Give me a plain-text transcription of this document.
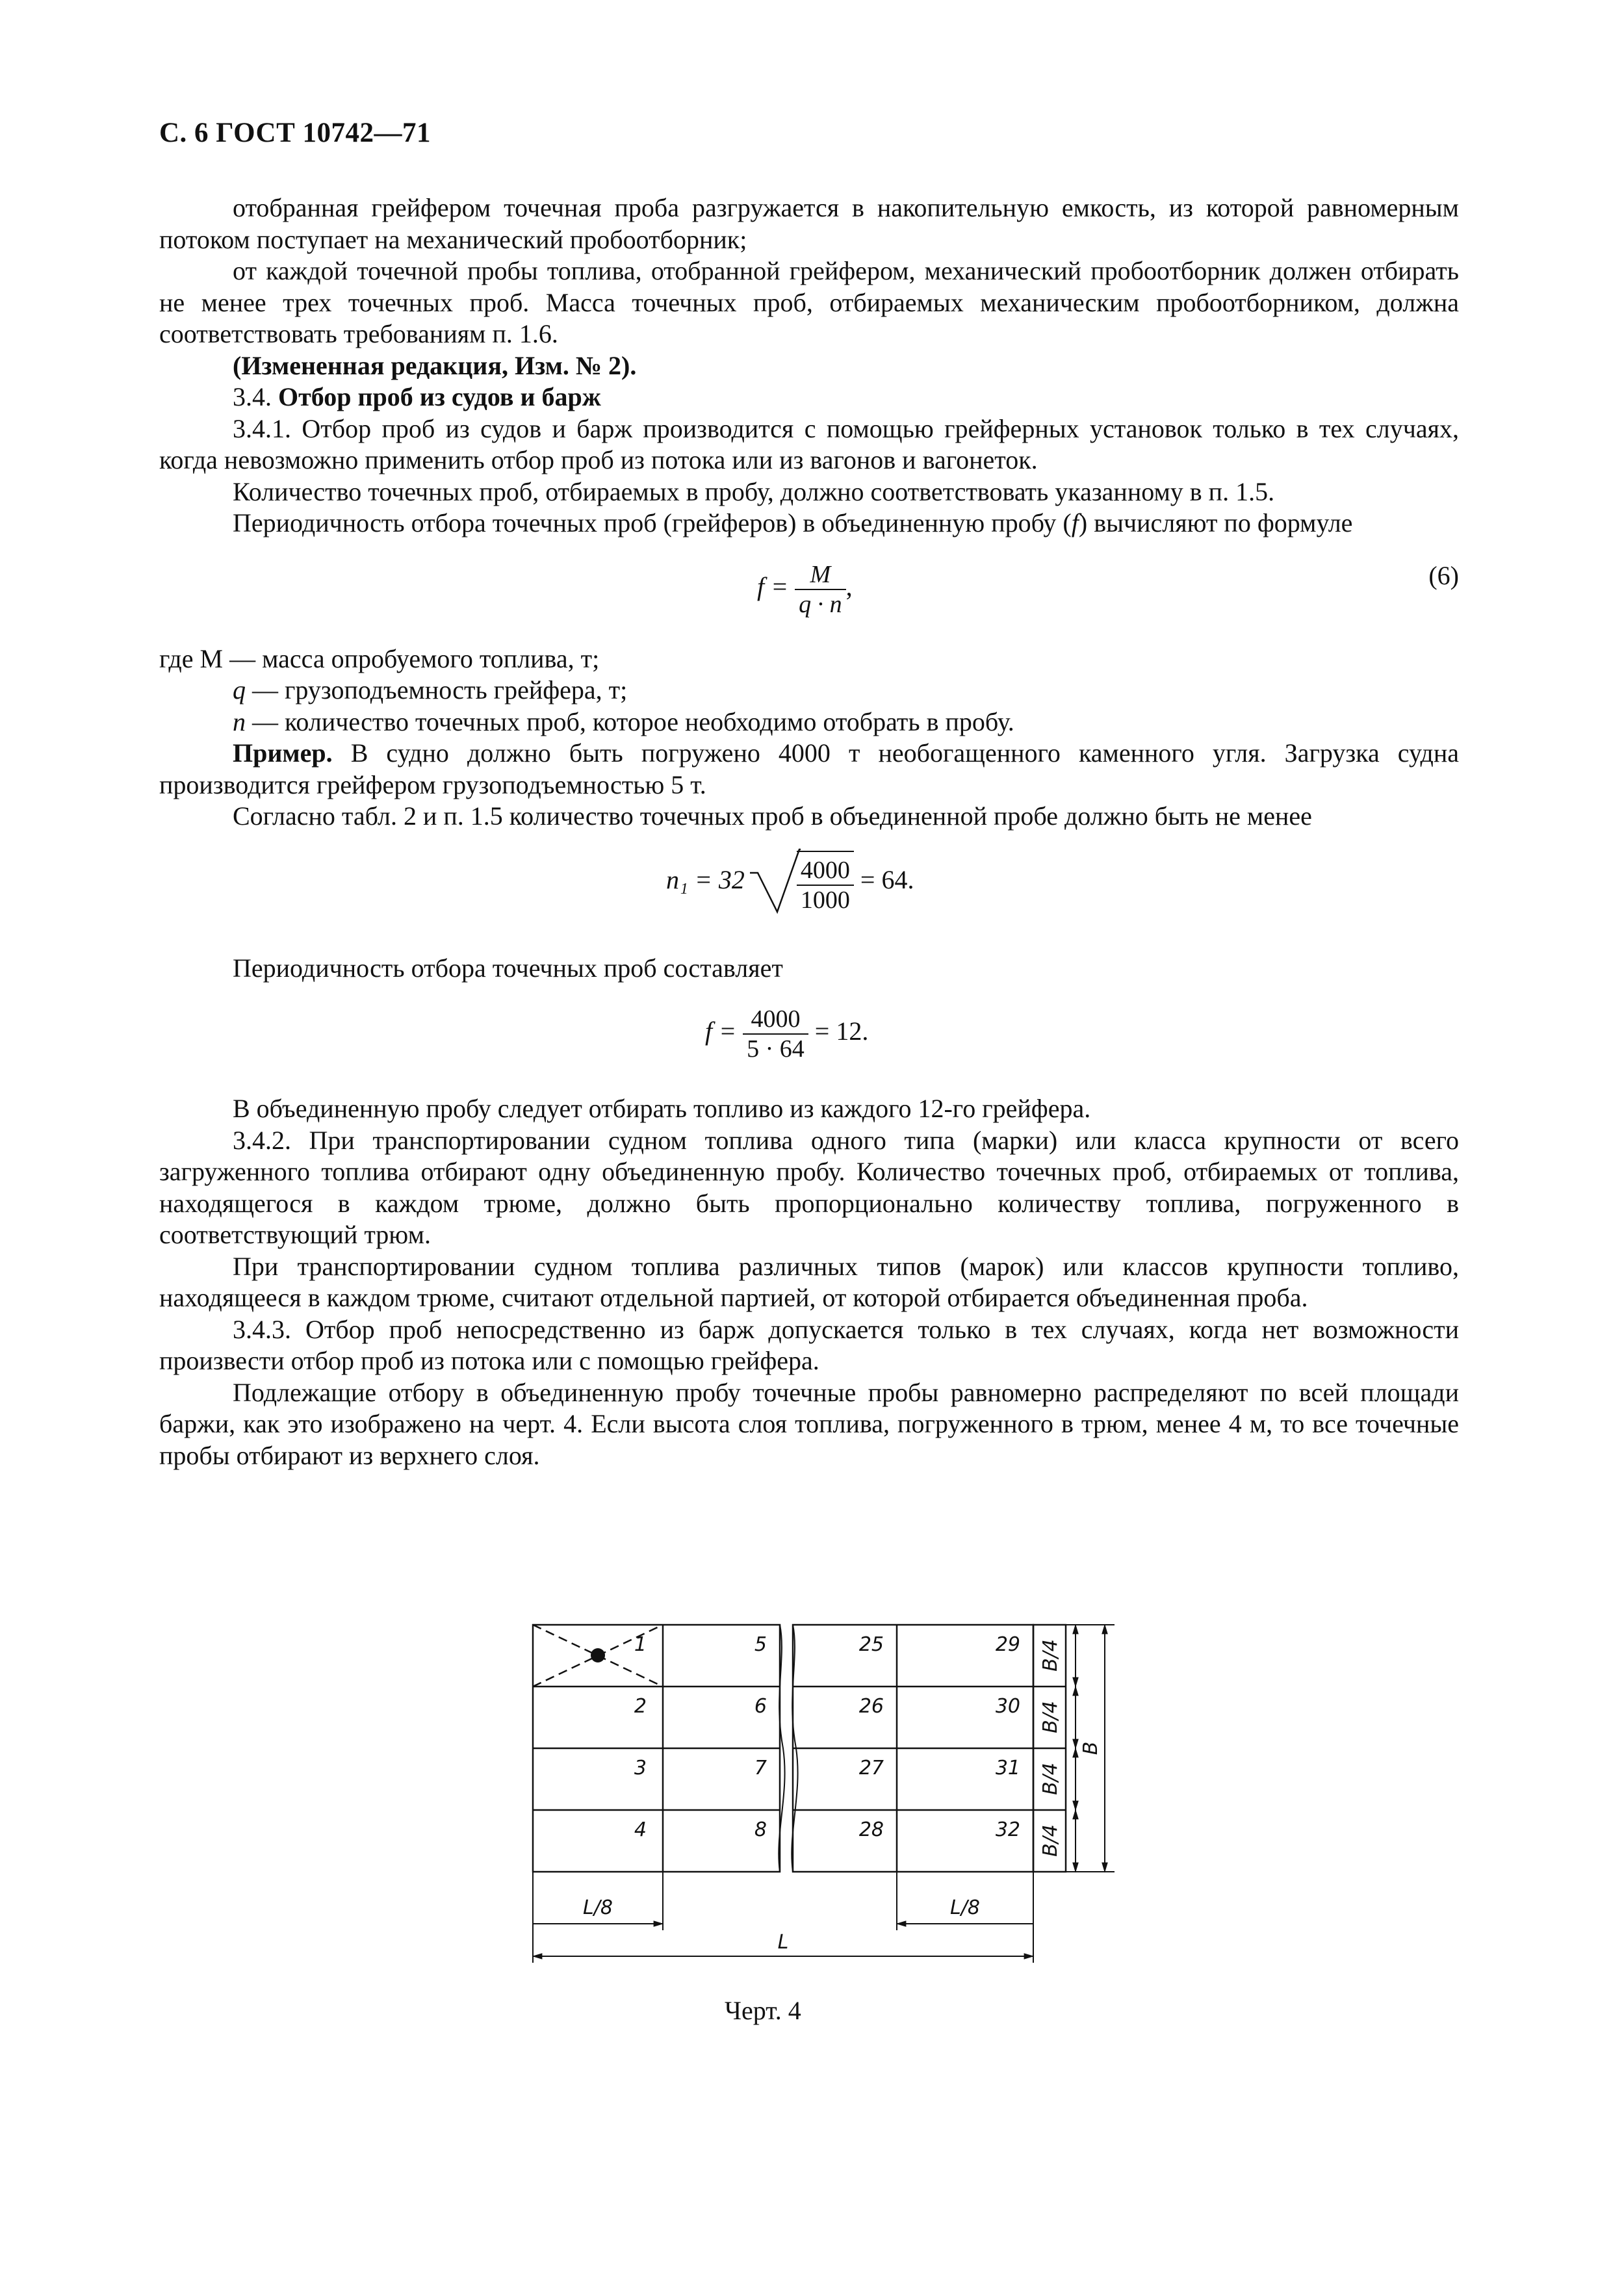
С. 6 ГОСТ 10742—71

отобранная грейфером точечная проба разгружается в накопительную емкость, из которой равномерным потоком поступает на механический пробоотборник;

от каждой точечной пробы топлива, отобранной грейфером, механический пробоотборник должен отбирать не менее трех точечных проб. Масса точечных проб, отбираемых механическим пробоотборником, должна соответствовать требованиям п. 1.6.

(Измененная редакция, Изм. № 2).

3.4. Отбор проб из судов и барж

3.4.1. Отбор проб из судов и барж производится с помощью грейферных установок только в тех случаях, когда невозможно применить отбор проб из потока или из вагонов и вагонеток.

Количество точечных проб, отбираемых в пробу, должно соответствовать указанному в п. 1.5.

Периодичность отбора точечных проб (грейферов) в объединенную пробу (f) вычисляют по формуле

$f = \frac{M}{q \cdot n}$ ,	(6)

где M — масса опробуемого топлива, т;

q — грузоподъемность грейфера, т;

n — количество точечных проб, которое необходимо отобрать в пробу.

Пример. В судно должно быть погружено 4000 т необогащенного каменного угля. Загрузка судна производится грейфером грузоподъемностью 5 т.

Согласно табл. 2 и п. 1.5 количество точечных проб в объединенной пробе должно быть не менее

$n_1 = 32 \frac{4000}{1000} = 64$.

Периодичность отбора точечных проб составляет

$f = \frac{4000}{5 \cdot 64} = 12$.

В объединенную пробу следует отбирать топливо из каждого 12-го грейфера.

3.4.2. При транспортировании судном топлива одного типа (марки) или класса крупности от всего загруженного топлива отбирают одну объединенную пробу. Количество точечных проб, отбираемых от топлива, находящегося в каждом трюме, должно быть пропорционально количеству топлива, погруженного в соответствующий трюм.

При транспортировании судном топлива различных типов (марок) или классов крупности топливо, находящееся в каждом трюме, считают отдельной партией, от которой отбирается объединенная проба.

3.4.3. Отбор проб непосредственно из барж допускается только в тех случаях, когда нет возможности произвести отбор проб из потока или с помощью грейфера.

Подлежащие отбору в объединенную пробу точечные пробы равномерно распределяют по всей площади баржи, как это изображено на черт. 4. Если высота слоя топлива, погруженного в трюм, менее 4 м, то все точечные пробы отбирают из верхнего слоя.

1	5	25	29
2	6	26	30
3	7	27	31
4	8	28	32
B/4
B/4
B/4
B/4
B
L/8	L/8
L
Черт. 4
